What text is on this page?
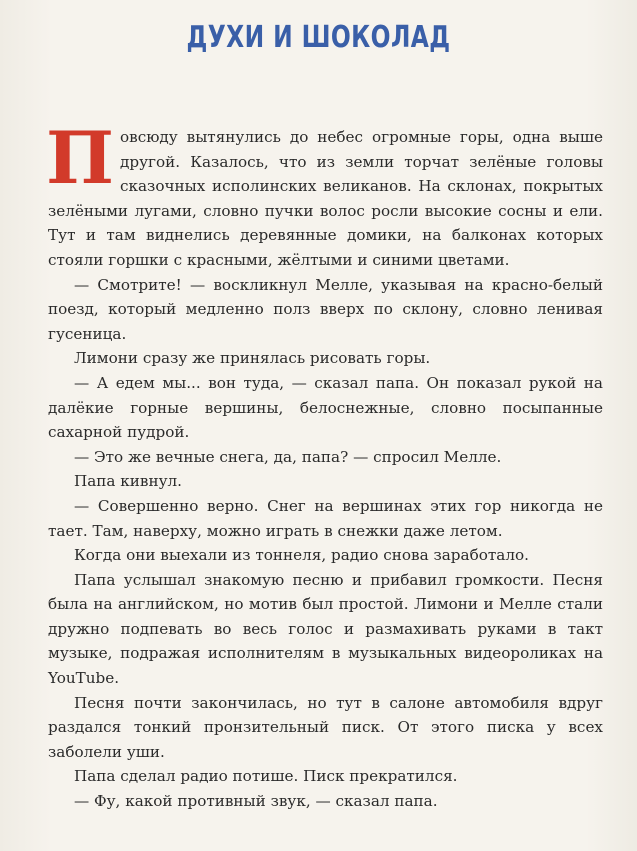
ДУХИ И ШОКОЛАД

Повсюду вытянулись до небес огромные горы, одна выше другой. Казалось, что из земли торчат зелёные головы сказочных исполинских великанов. На склонах, покрытых зелёными лугами, словно пучки волос росли высокие сосны и ели. Тут и там виднелись деревянные домики, на балконах которых стояли горшки с красными, жёлтыми и синими цветами.

— Смотрите! — воскликнул Мелле, указывая на красно-белый поезд, который медленно полз вверх по склону, словно ленивая гусеница.

Лимони сразу же принялась рисовать горы.

— А едем мы... вон туда, — сказал папа. Он показал рукой на далёкие горные вершины, белоснежные, словно посыпанные сахарной пудрой.

— Это же вечные снега, да, папа? — спросил Мелле.

Папа кивнул.

— Совершенно верно. Снег на вершинах этих гор никогда не тает. Там, наверху, можно играть в снежки даже летом.

Когда они выехали из тоннеля, радио снова заработало.

Папа услышал знакомую песню и прибавил громкости. Песня была на английском, но мотив был простой. Лимони и Мелле стали дружно подпевать во весь голос и размахивать руками в такт музыке, подражая исполнителям в музыкальных видеороликах на YouTube.

Песня почти закончилась, но тут в салоне автомобиля вдруг раздался тонкий пронзительный писк. От этого писка у всех заболели уши.

Папа сделал радио потише. Писк прекратился.

— Фу, какой противный звук, — сказал папа.
